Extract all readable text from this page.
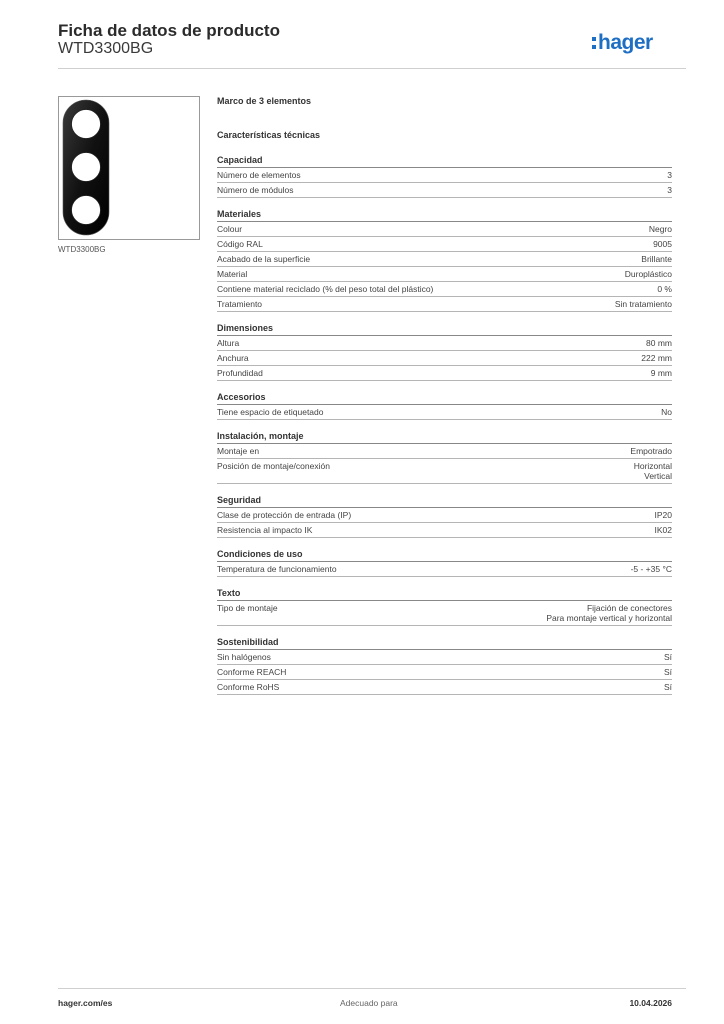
Ficha de datos de producto
WTD3300BG	hager
WTD3300BG
Marco de 3 elementos
Características técnicas
Capacidad
Número de elementos	3
Número de módulos	3
Materiales
Colour	Negro
Código RAL	9005
Acabado de la superficie	Brillante
Material	Duroplástico
Contiene material reciclado (% del peso total del plástico)	0 %
Tratamiento	Sin tratamiento
Dimensiones
Altura	80 mm
Anchura	222 mm
Profundidad	9 mm
Accesorios
Tiene espacio de etiquetado	No
Instalación, montaje
Montaje en	Empotrado
Posición de montaje/conexión	Horizontal
Vertical
Seguridad
Clase de protección de entrada (IP)	IP20
Resistencia al impacto IK	IK02
Condiciones de uso
Temperatura de funcionamiento	-5 - +35 °C
Texto
Tipo de montaje	Fijación de conectores
Para montaje vertical y horizontal
Sostenibilidad
Sin halógenos	Sí
Conforme REACH	Sí
Conforme RoHS	Sí
hager.com/es	Adecuado para	10.04.2026
